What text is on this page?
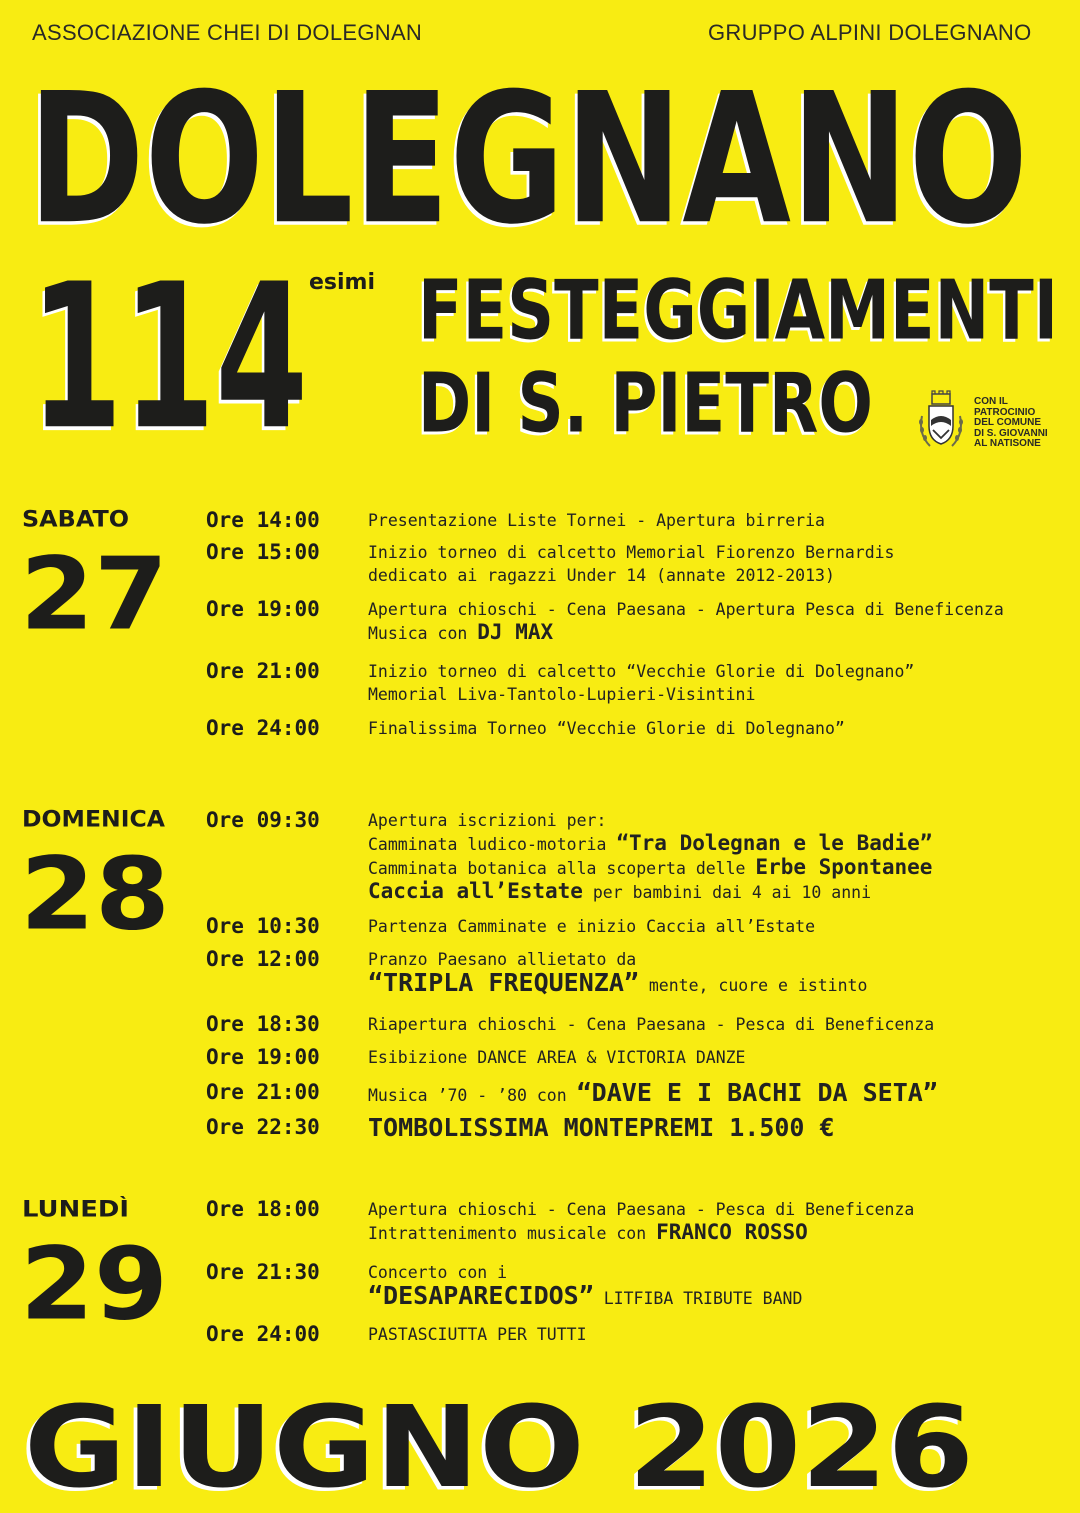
ASSOCIAZIONE CHEI DI DOLEGNAN	GRUPPO ALPINI DOLEGNANO
DOLEGNANO
114 esimi FESTEGGIAMENTI
DI S. PIETRO	CON IL
PATROCINIO
DEL COMUNE
DI S. GIOVANNI
AL NATISONE
SABATO
27
DOMENICA
28
LUNEDÌ
29
Ore 14:00	Presentazione Liste Tornei - Apertura birreria
Ore 15:00	Inizio torneo di calcetto Memorial Fiorenzo Bernardis
dedicato ai ragazzi Under 14 (annate 2012-2013)
Ore 19:00	Apertura chioschi - Cena Paesana - Apertura Pesca di Beneficenza
Musica con DJ MAX
Ore 21:00	Inizio torneo di calcetto “Vecchie Glorie di Dolegnano”
Memorial Liva-Tantolo-Lupieri-Visintini
Ore 24:00	Finalissima Torneo “Vecchie Glorie di Dolegnano”
Ore 09:30	Apertura iscrizioni per:
Camminata ludico-motoria “Tra Dolegnan e le Badie”
Camminata botanica alla scoperta delle Erbe Spontanee
Caccia all’Estate per bambini dai 4 ai 10 anni
Ore 10:30	Partenza Camminate e inizio Caccia all’Estate
Ore 12:00	Pranzo Paesano allietato da
“TRIPLA FREQUENZA” mente, cuore e istinto
Ore 18:30	Riapertura chioschi - Cena Paesana - Pesca di Beneficenza
Ore 19:00	Esibizione DANCE AREA & VICTORIA DANZE
Ore 21:00	Musica ’70 - ’80 con “DAVE E I BACHI DA SETA”
Ore 22:30 TOMBOLISSIMA MONTEPREMI 1.500 €
Ore 18:00	Apertura chioschi - Cena Paesana - Pesca di Beneficenza
Intrattenimento musicale con FRANCO ROSSO
Ore 21:30	Concerto con i
“DESAPARECIDOS” LITFIBA TRIBUTE BAND
Ore 24:00	PASTASCIUTTA PER TUTTI
GIUGNO 2026
